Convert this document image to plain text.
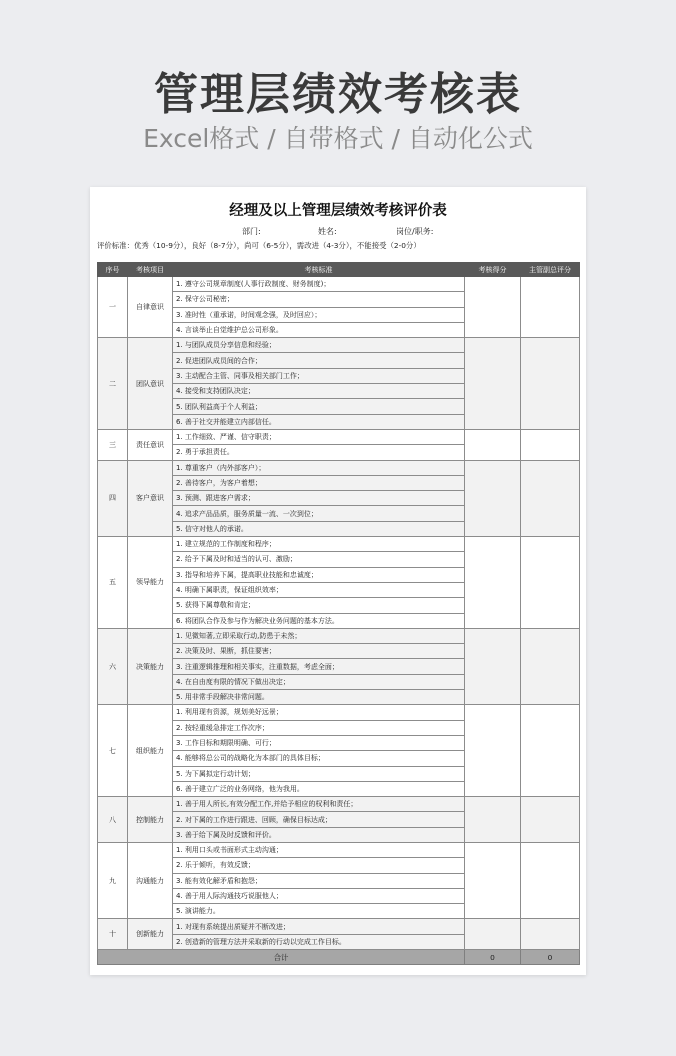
管理层绩效考核表
Excel格式 / 自带格式 / 自动化公式
经理及以上管理层绩效考核评价表
部门:	姓名:	岗位/职务:
评价标准：优秀（10-9分），良好（8-7分），尚可（6-5分），需改进（4-3分），不能接受（2-0分）
序号	考核项目	考核标准	考核得分	主管副总评分
一	自律意识	1. 遵守公司规章制度(人事行政制度、财务制度)；		
		2. 保守公司秘密；		
		3. 准时性（重承诺，时间观念强，及时回应）；		
		4. 言谈举止自觉维护总公司形象。		
二	团队意识	1. 与团队成员分享信息和经验；		
		2. 促进团队成员间的合作；		
		3. 主动配合主管、同事及相关部门工作；		
		4. 接受和支持团队决定；		
		5. 团队利益高于个人利益；		
		6. 善于社交并能建立内部信任。		
三	责任意识	1. 工作细致、严谨、信守职责；		
		2. 勇于承担责任。		
四	客户意识	1. 尊重客户（内外部客户）；		
		2. 善待客户，为客户着想；		
		3. 预测、跟进客户需求；		
		4. 追求产品品质，服务质量一流、一次到位；		
		5. 信守对他人的承诺。		
五	领导能力	1. 建立规范的工作制度和程序；		
		2. 给予下属及时和适当的认可、激励；		
		3. 指导和培养下属，提高职业技能和忠诚度；		
		4. 明确下属职责，保证组织效率；		
		5. 获得下属尊敬和肯定；		
		6. 将团队合作及参与作为解决业务问题的基本方法。		
六	决策能力	1. 见微知著,立即采取行动,防患于未然；		
		2. 决策及时、果断，抓住要害；		
		3. 注重逻辑推理和相关事实，注重数据，考虑全面；		
		4. 在自由度有限的情况下做出决定；		
		5. 用非常手段解决非常问题。		
七	组织能力	1. 利用现有资源，规划美好远景；		
		2. 按轻重缓急排定工作次序；		
		3. 工作目标和期限明确、可行；		
		4. 能够将总公司的战略化为本部门的具体目标；		
		5. 为下属拟定行动计划；		
		6. 善于建立广泛的业务网络，他为我用。		
八	控制能力	1. 善于用人所长,有效分配工作,并给予相应的权利和责任；		
		2. 对下属的工作进行跟进、回顾，确保目标达成；		
		3. 善于给下属及时反馈和评价。		
九	沟通能力	1. 利用口头或书面形式主动沟通；		
		2. 乐于倾听，有效反馈；		
		3. 能有效化解矛盾和抱怨；		
		4. 善于用人际沟通技巧说服他人；		
		5. 演讲能力。		
十	创新能力	1. 对现有系统提出质疑并不断改进；		
		2. 创造新的管理方法并采取新的行动以完成工作目标。		
合计			0	0
